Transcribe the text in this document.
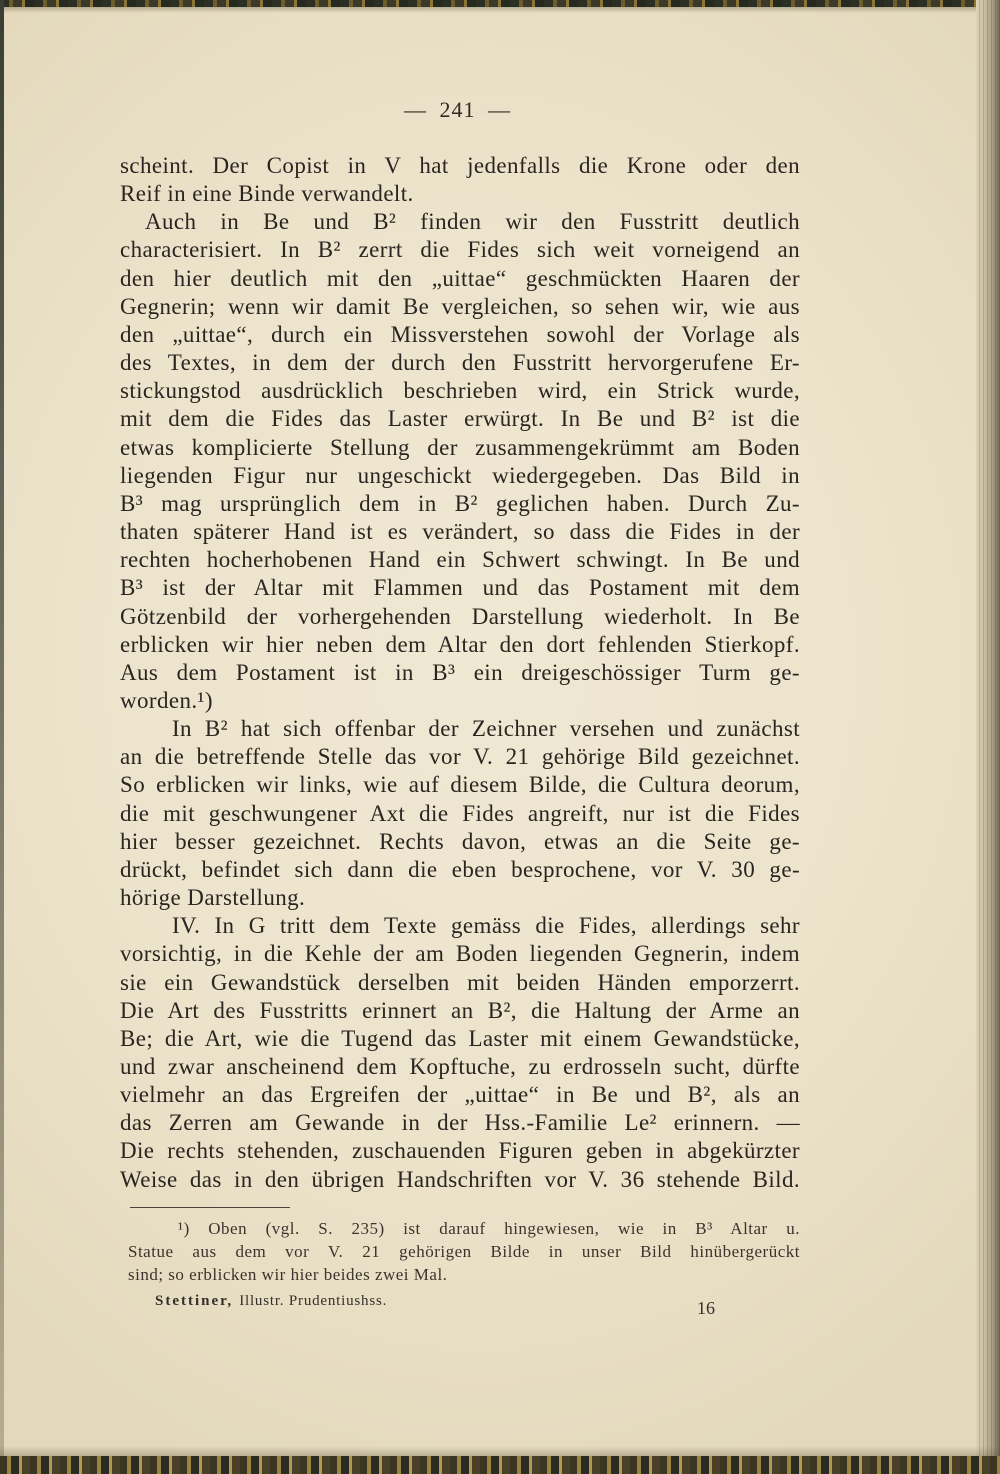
— 241 —
scheint. Der Copist in V hat jedenfalls die Krone oder den
Reif in eine Binde verwandelt.
Auch in Be und B² finden wir den Fusstritt deutlich
characterisiert. In B² zerrt die Fides sich weit vorneigend an
den hier deutlich mit den „uittae“ geschmückten Haaren der
Gegnerin; wenn wir damit Be vergleichen, so sehen wir, wie aus
den „uittae“, durch ein Missverstehen sowohl der Vorlage als
des Textes, in dem der durch den Fusstritt hervorgerufene Er-
stickungstod ausdrücklich beschrieben wird, ein Strick wurde,
mit dem die Fides das Laster erwürgt. In Be und B² ist die
etwas komplicierte Stellung der zusammengekrümmt am Boden
liegenden Figur nur ungeschickt wiedergegeben. Das Bild in
B³ mag ursprünglich dem in B² geglichen haben. Durch Zu-
thaten späterer Hand ist es verändert, so dass die Fides in der
rechten hocherhobenen Hand ein Schwert schwingt. In Be und
B³ ist der Altar mit Flammen und das Postament mit dem
Götzenbild der vorhergehenden Darstellung wiederholt. In Be
erblicken wir hier neben dem Altar den dort fehlenden Stierkopf.
Aus dem Postament ist in B³ ein dreigeschössiger Turm ge-
worden.¹)
In B² hat sich offenbar der Zeichner versehen und zunächst
an die betreffende Stelle das vor V. 21 gehörige Bild gezeichnet.
So erblicken wir links, wie auf diesem Bilde, die Cultura deorum,
die mit geschwungener Axt die Fides angreift, nur ist die Fides
hier besser gezeichnet. Rechts davon, etwas an die Seite ge-
drückt, befindet sich dann die eben besprochene, vor V. 30 ge-
hörige Darstellung.
IV. In G tritt dem Texte gemäss die Fides, allerdings sehr
vorsichtig, in die Kehle der am Boden liegenden Gegnerin, indem
sie ein Gewandstück derselben mit beiden Händen emporzerrt.
Die Art des Fusstritts erinnert an B², die Haltung der Arme an
Be; die Art, wie die Tugend das Laster mit einem Gewandstücke,
und zwar anscheinend dem Kopftuche, zu erdrosseln sucht, dürfte
vielmehr an das Ergreifen der „uittae“ in Be und B², als an
das Zerren am Gewande in der Hss.-Familie Le² erinnern. —
Die rechts stehenden, zuschauenden Figuren geben in abgekürzter
Weise das in den übrigen Handschriften vor V. 36 stehende Bild.
¹) Oben (vgl. S. 235) ist darauf hingewiesen, wie in B³ Altar u.
Statue aus dem vor V. 21 gehörigen Bilde in unser Bild hinübergerückt
sind; so erblicken wir hier beides zwei Mal.
Stettiner, Illustr. Prudentiushss.	16
